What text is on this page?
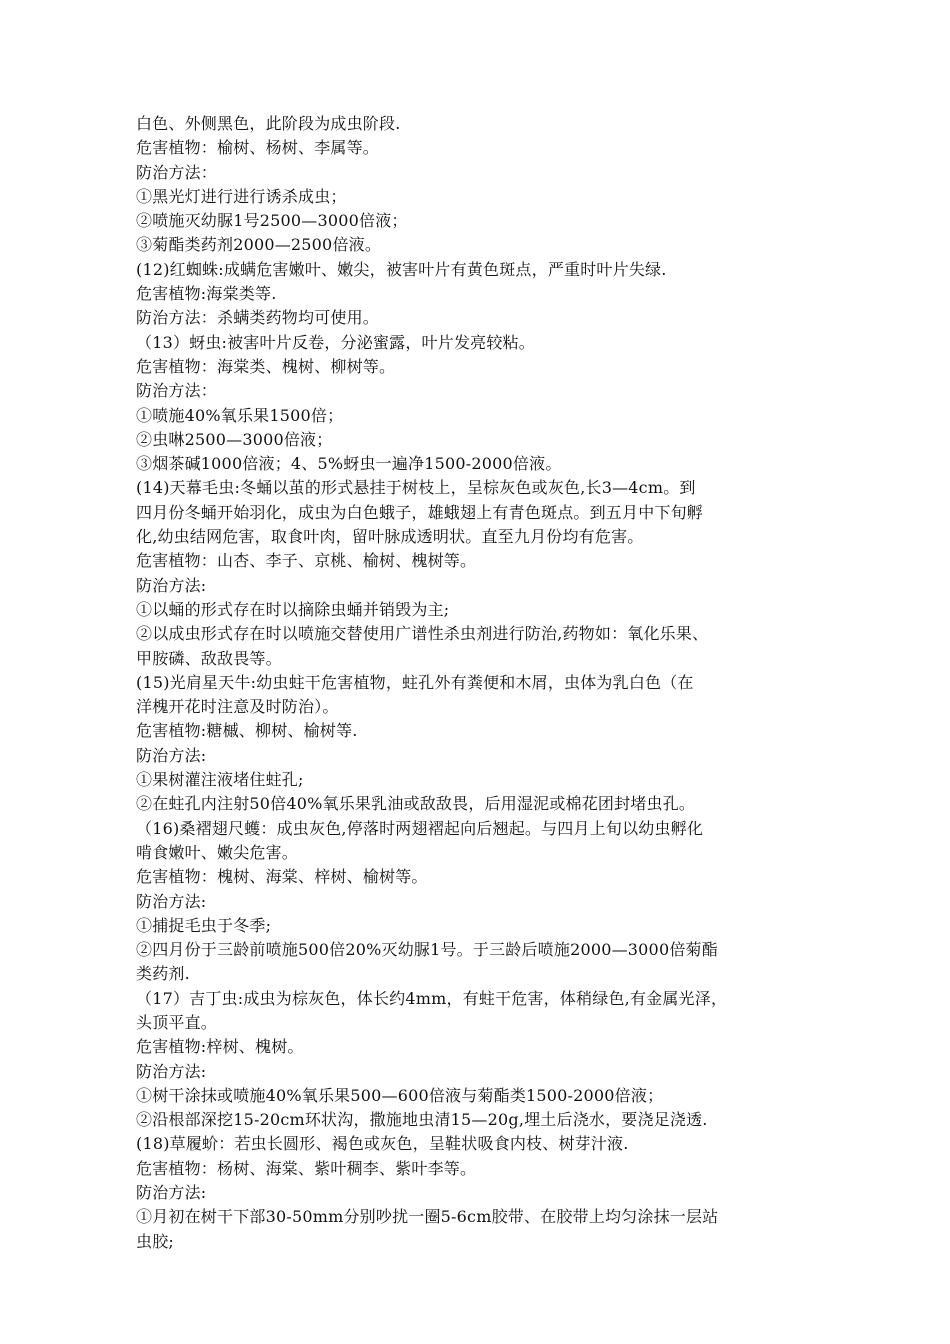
白色、外侧黑色，此阶段为成虫阶段.
危害植物：榆树、杨树、李属等。
防治方法：
①黑光灯进行进行诱杀成虫；
②喷施灭幼脲1号2500—3000倍液；
③菊酯类药剂2000—2500倍液。
(12)红蜘蛛:成螨危害嫩叶、嫩尖，被害叶片有黄色斑点，严重时叶片失绿.
危害植物:海棠类等.
防治方法：杀螨类药物均可使用。
（13）蚜虫:被害叶片反卷，分泌蜜露，叶片发亮较粘。
危害植物：海棠类、槐树、柳树等。
防治方法：
①喷施40%氧乐果1500倍；
②虫啉2500—3000倍液；
③烟茶碱1000倍液；4、5%蚜虫一遍净1500-2000倍液。
(14)天幕毛虫:冬蛹以茧的形式悬挂于树枝上，呈棕灰色或灰色,长3—4cm。到
四月份冬蛹开始羽化，成虫为白色蛾子，雄蛾翅上有青色斑点。到五月中下旬孵
化,幼虫结网危害，取食叶肉，留叶脉成透明状。直至九月份均有危害。
危害植物：山杏、李子、京桃、榆树、槐树等。
防治方法:
①以蛹的形式存在时以摘除虫蛹并销毁为主;
②以成虫形式存在时以喷施交替使用广谱性杀虫剂进行防治,药物如：氧化乐果、
甲胺磷、敌敌畏等。
(15)光肩星天牛:幼虫蛀干危害植物，蛀孔外有粪便和木屑，虫体为乳白色（在
洋槐开花时注意及时防治）。
危害植物:糖槭、柳树、榆树等.
防治方法:
①果树灌注液堵住蛀孔;
②在蛀孔内注射50倍40%氧乐果乳油或敌敌畏，后用湿泥或棉花团封堵虫孔。
（16)桑褶翅尺蠖：成虫灰色,停落时两翅褶起向后翘起。与四月上旬以幼虫孵化
啃食嫩叶、嫩尖危害。
危害植物：槐树、海棠、梓树、榆树等。
防治方法:
①捕捉毛虫于冬季;
②四月份于三龄前喷施500倍20%灭幼脲1号。于三龄后喷施2000—3000倍菊酯
类药剂.
（17）吉丁虫:成虫为棕灰色，体长约4mm，有蛀干危害，体稍绿色,有金属光泽，
头顶平直。
危害植物:梓树、槐树。
防治方法:
①树干涂抹或喷施40%氧乐果500—600倍液与菊酯类1500-2000倍液；
②沿根部深挖15-20cm环状沟，撒施地虫清15—20g,埋土后浇水，要浇足浇透.
(18)草履蚧：若虫长圆形、褐色或灰色，呈鞋状吸食内枝、树芽汁液.
危害植物：杨树、海棠、紫叶稠李、紫叶李等。
防治方法:
①月初在树干下部30-50mm分别吵扰一圈5-6cm胶带、在胶带上均匀涂抹一层站
虫胶;
